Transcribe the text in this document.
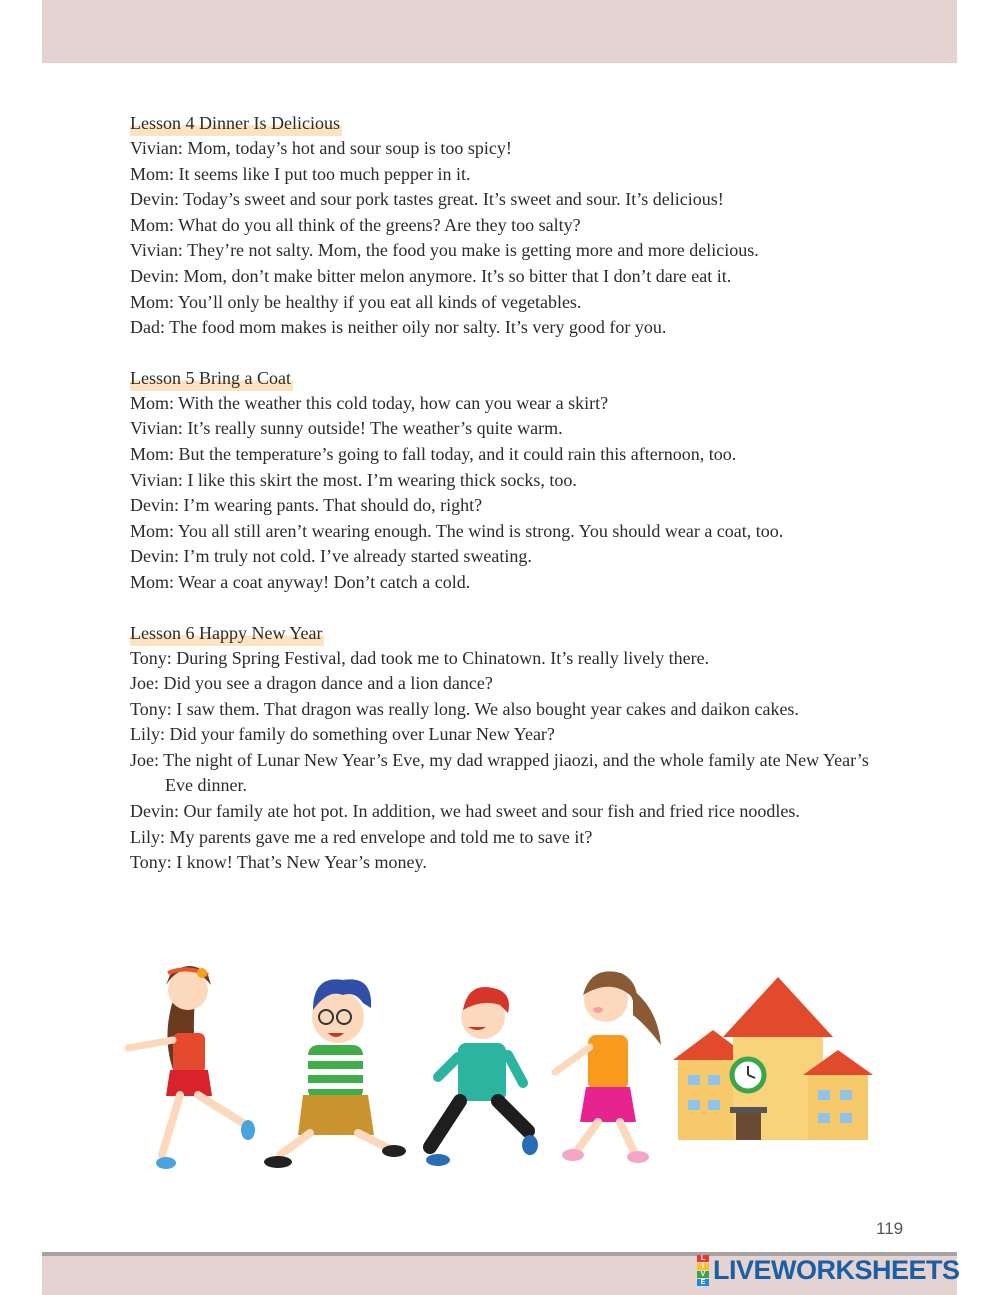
Lesson 4 Dinner Is Delicious
Vivian: Mom, today’s hot and sour soup is too spicy!
Mom: It seems like I put too much pepper in it.
Devin: Today’s sweet and sour pork tastes great. It’s sweet and sour. It’s delicious!
Mom: What do you all think of the greens? Are they too salty?
Vivian: They’re not salty. Mom, the food you make is getting more and more delicious.
Devin: Mom, don’t make bitter melon anymore. It’s so bitter that I don’t dare eat it.
Mom: You’ll only be healthy if you eat all kinds of vegetables.
Dad: The food mom makes is neither oily nor salty. It’s very good for you.
Lesson 5 Bring a Coat
Mom: With the weather this cold today, how can you wear a skirt?
Vivian: It’s really sunny outside! The weather’s quite warm.
Mom: But the temperature’s going to fall today, and it could rain this afternoon, too.
Vivian: I like this skirt the most. I’m wearing thick socks, too.
Devin: I’m wearing pants. That should do, right?
Mom: You all still aren’t wearing enough. The wind is strong. You should wear a coat, too.
Devin: I’m truly not cold. I’ve already started sweating.
Mom: Wear a coat anyway! Don’t catch a cold.
Lesson 6 Happy New Year
Tony: During Spring Festival, dad took me to Chinatown. It’s really lively there.
Joe: Did you see a dragon dance and a lion dance?
Tony: I saw them. That dragon was really long. We also bought year cakes and daikon cakes.
Lily: Did your family do something over Lunar New Year?
Joe: The night of Lunar New Year’s Eve, my dad wrapped jiaozi, and the whole family ate New Year’s Eve dinner.
Devin: Our family ate hot pot. In addition, we had sweet and sour fish and fried rice noodles.
Lily: My parents gave me a red envelope and told me to save it?
Tony: I know! That’s New Year’s money.
119
L
I
V
E LIVEWORKSHEETS
